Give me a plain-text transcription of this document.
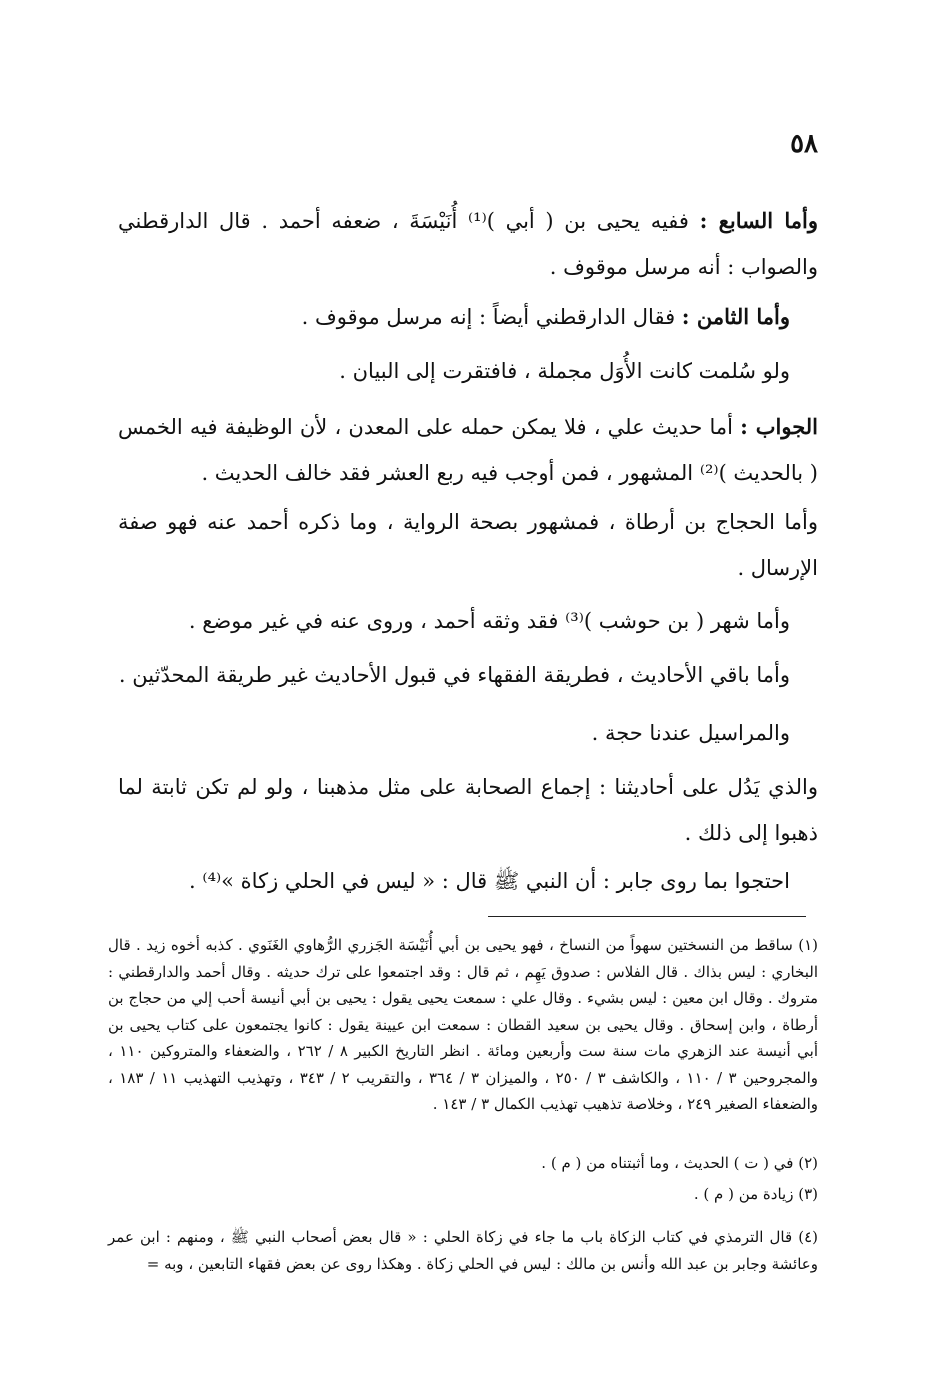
٥٨

وأما السابع : ففيه يحيى بن ( أبي )⁽¹⁾ أُنَيْسَةَ ، ضعفه أحمد . قال الدارقطني والصواب : أنه مرسل موقوف .

وأما الثامن : فقال الدارقطني أيضاً : إنه مرسل موقوف .

ولو سُلمت كانت الأُوَل مجملة ، فافتقرت إلى البيان .

الجواب : أما حديث علي ، فلا يمكن حمله على المعدن ، لأن الوظيفة فيه الخمس ( بالحديث )⁽²⁾ المشهور ، فمن أوجب فيه ربع العشر فقد خالف الحديث .

وأما الحجاج بن أرطاة ، فمشهور بصحة الرواية ، وما ذكره أحمد عنه فهو صفة الإرسال .

وأما شهر ( بن حوشب )⁽³⁾ فقد وثقه أحمد ، وروى عنه في غير موضع .

وأما باقي الأحاديث ، فطريقة الفقهاء في قبول الأحاديث غير طريقة المحدّثين .

والمراسيل عندنا حجة .

والذي يَدُل على أحاديثنا : إجماع الصحابة على مثل مذهبنا ، ولو لم تكن ثابتة لما ذهبوا إلى ذلك .

احتجوا بما روى جابر : أن النبي ﷺ قال : « ليس في الحلي زكاة »⁽⁴⁾ .

(١) ساقط من النسختين سهواً من النساخ ، فهو يحيى بن أبي أُنَيْسَة الجَزري الرُّهاوي الغَنَوي . كذبه أخوه زيد . قال البخاري : ليس بذاك . قال الفلاس : صدوق يَهِم ، ثم قال : وقد اجتمعوا على ترك حديثه . وقال أحمد والدارقطني : متروك . وقال ابن معين : ليس بشيء . وقال علي : سمعت يحيى يقول : يحيى بن أبي أنيسة أحب إلي من حجاج بن أرطاة ، وابن إسحاق . وقال يحيى بن سعيد القطان : سمعت ابن عيينة يقول : كانوا يجتمعون على كتاب يحيى بن أبي أنيسة عند الزهري مات سنة ست وأربعين ومائة . انظر التاريخ الكبير ٨ / ٢٦٢ ، والضعفاء والمتروكين ١١٠ ، والمجروحين ٣ / ١١٠ ، والكاشف ٣ / ٢٥٠ ، والميزان ٣ / ٣٦٤ ، والتقريب ٢ / ٣٤٣ ، وتهذيب التهذيب ١١ / ١٨٣ ، والضعفاء الصغير ٢٤٩ ، وخلاصة تذهيب تهذيب الكمال ٣ / ١٤٣ .

(٢) في ( ت ) الحديث ، وما أثبتناه من ( م ) .

(٣) زيادة من ( م ) .

(٤) قال الترمذي في كتاب الزكاة باب ما جاء في زكاة الحلي : « قال بعض أصحاب النبي ﷺ ، ومنهم : ابن عمر وعائشة وجابر بن عبد الله وأنس بن مالك : ليس في الحلي زكاة . وهكذا روى عن بعض فقهاء التابعين ، وبه =
